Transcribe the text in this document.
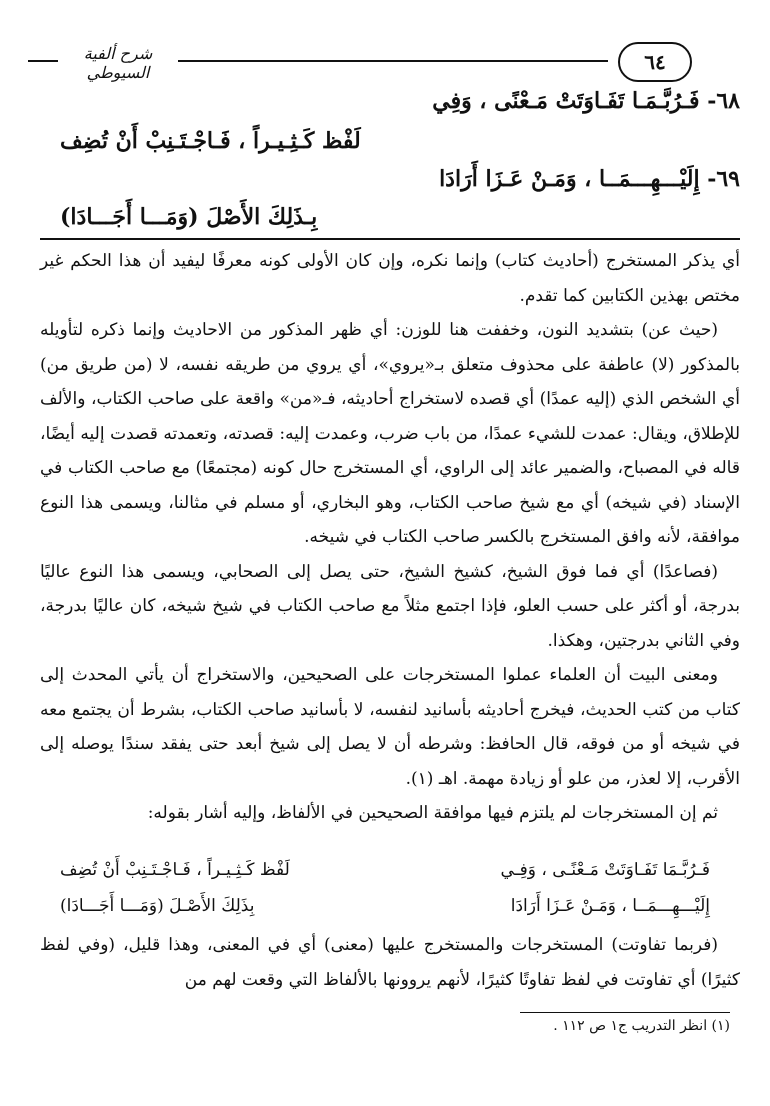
شرح ألفية السيوطي	٦٤
٦٨- فَـرُبَّـمَـا تَفَـاوَتَتْ مَـعْنًى ، وَفِي
لَفْظ كَـثِـيـراً ، فَـاجْـتَـنِبْ أَنْ تُضِف
٦٩- إِلَيْـــهِـــمَــا ، وَمَـنْ عَـزَا أَرَادَا
بِـذَلِكَ الأَصْلَ (وَمَـــا أَجَـــادَا)

أي يذكر المستخرج (أحاديث كتاب) وإنما نكره، وإن كان الأولى كونه معرفًا ليفيد أن هذا الحكم غير مختص بهذين الكتابين كما تقدم.

(حيث عن) بتشديد النون، وخففت هنا للوزن: أي ظهر المذكور من الاحاديث وإنما ذكره لتأويله بالمذكور (لا) عاطفة على محذوف متعلق بـ«يروي»، أي يروي من طريقه نفسه، لا (من طريق من) أي الشخص الذي (إليه عمدًا) أي قصده لاستخراج أحاديثه، فـ«من» واقعة على صاحب الكتاب، والألف للإطلاق، ويقال: عمدت للشيء عمدًا، من باب ضرب، وعمدت إليه: قصدته، وتعمدته قصدت إليه أيضًا، قاله في المصباح، والضمير عائد إلى الراوي، أي المستخرج حال كونه (مجتمعًا) مع صاحب الكتاب في الإسناد (في شيخه) أي مع شيخ صاحب الكتاب، وهو البخاري، أو مسلم في مثالنا، ويسمى هذا النوع موافقة، لأنه وافق المستخرج بالكسر صاحب الكتاب في شيخه.

(فصاعدًا) أي فما فوق الشيخ، كشيخ الشيخ، حتى يصل إلى الصحابي، ويسمى هذا النوع عاليًا بدرجة، أو أكثر على حسب العلو، فإذا اجتمع مثلاً مع صاحب الكتاب في شيخ شيخه، كان عاليًا بدرجة، وفي الثاني بدرجتين، وهكذا.

ومعنى البيت أن العلماء عملوا المستخرجات على الصحيحين، والاستخراج أن يأتي المحدث إلى كتاب من كتب الحديث، فيخرج أحاديثه بأسانيد لنفسه، لا بأسانيد صاحب الكتاب، بشرط أن يجتمع معه في شيخه أو من فوقه، قال الحافظ: وشرطه أن لا يصل إلى شيخ أبعد حتى يفقد سندًا يوصله إلى الأقرب، إلا لعذر، من علو أو زيادة مهمة. اهـ (١).

ثم إن المستخرجات لم يلتزم فيها موافقة الصحيحين في الألفاظ، وإليه أشار بقوله:

فَـرُبَّـمَا تَفَـاوَتَتْ مَـعْنًـى ، وَفِـي
لَفْظ كَـثِـيـراً ، فَـاجْـتَـنِبْ أَنْ تُضِف
إِلَيْـــهِـــمَــا ، وَمَـنْ عَـزَا أَرَادَا
بِذَلِكَ الأَصْـلَ (وَمَـــا أَجَـــادَا)

(فربما تفاوتت) المستخرجات والمستخرج عليها (معنى) أي في المعنى، وهذا قليل، (وفي لفظ كثيرًا) أي تفاوتت في لفظ تفاوتًا كثيرًا، لأنهم يروونها بالألفاظ التي وقعت لهم من

(١) انظر التدريب ج١ ص ١١٢ .
